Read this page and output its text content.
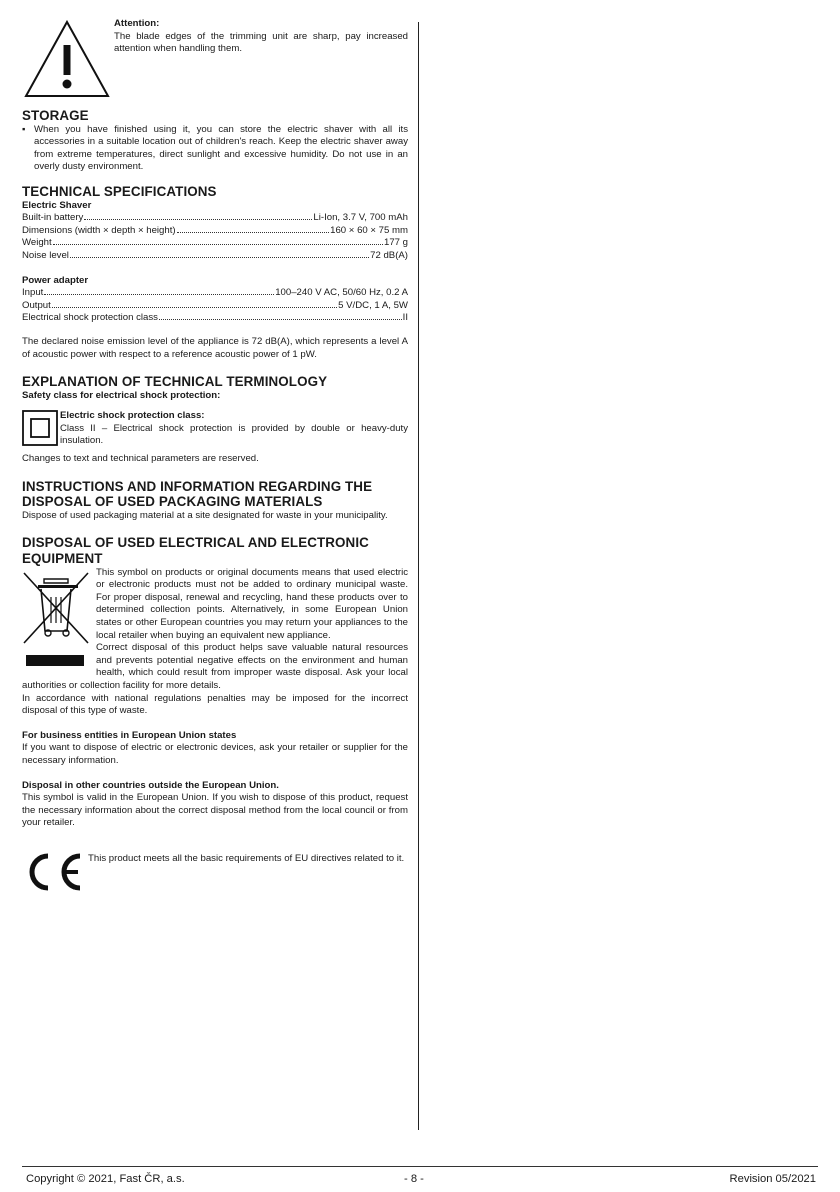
Attention:

The blade edges of the trimming unit are sharp, pay increased attention when handling them.

STORAGE
▪ When you have finished using it, you can store the electric shaver with all its accessories in a suitable location out of children's reach. Keep the electric shaver away from extreme temperatures, direct sunlight and excessive humidity. Do not use in an overly dusty environment.

TECHNICAL SPECIFICATIONS
Electric Shaver
Built-in battery	Li-Ion, 3.7 V, 700 mAh
Dimensions (width × depth × height)	160 × 60 × 75 mm
Weight	177 g
Noise level	72 dB(A)
Power adapter
Input	100–240 V AC, 50/60 Hz, 0.2 A
Output	5 V/DC, 1 A, 5W
Electrical shock protection class	II

The declared noise emission level of the appliance is 72 dB(A), which represents a level A of acoustic power with respect to a reference acoustic power of 1 pW.

EXPLANATION OF TECHNICAL TERMINOLOGY
Safety class for electrical shock protection:
Electric shock protection class:

Class II – Electrical shock protection is provided by double or heavy-duty insulation.

Changes to text and technical parameters are reserved.

INSTRUCTIONS AND INFORMATION REGARDING THE
DISPOSAL OF USED PACKAGING MATERIALS

Dispose of used packaging material at a site designated for waste in your municipality.

DISPOSAL OF USED ELECTRICAL AND ELECTRONIC
EQUIPMENT

This symbol on products or original documents means that used electric or electronic products must not be added to ordinary municipal waste. For proper disposal, renewal and recycling, hand these products over to determined collection points. Alternatively, in some European Union states or other European countries you may return your appliances to the local retailer when buying an equivalent new appliance.

Correct disposal of this product helps save valuable natural resources and prevents potential negative effects on the environment and human health, which could result from improper waste disposal. Ask your local authorities or collection facility for more details.

In accordance with national regulations penalties may be imposed for the incorrect disposal of this type of waste.

For business entities in European Union states

If you want to dispose of electric or electronic devices, ask your retailer or supplier for the necessary information.

Disposal in other countries outside the European Union.

This symbol is valid in the European Union. If you wish to dispose of this product, request the necessary information about the correct disposal method from the local council or from your retailer.

This product meets all the basic requirements of EU directives related to it.

Copyright © 2021, Fast ČR, a.s.	- 8 -	Revision 05/2021
